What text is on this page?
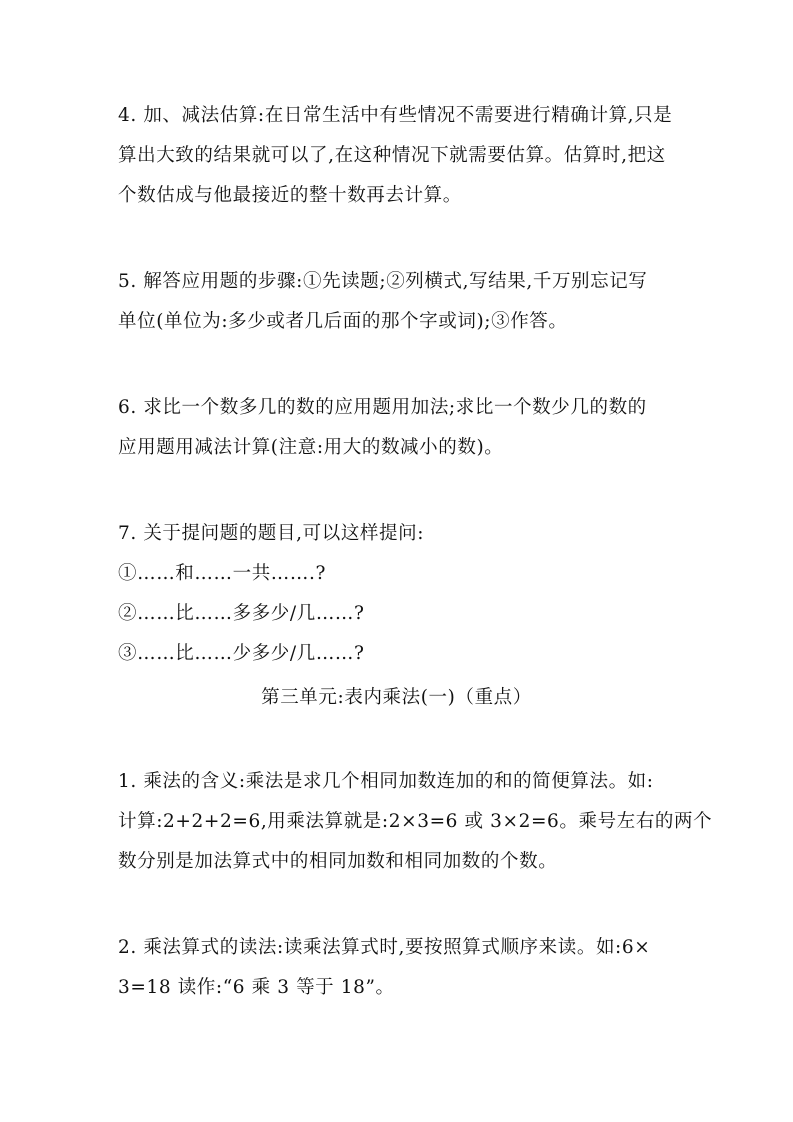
4. 加、减法估算:在日常生活中有些情况不需要进行精确计算,只是
算出大致的结果就可以了,在这种情况下就需要估算。估算时,把这
个数估成与他最接近的整十数再去计算。
5. 解答应用题的步骤:①先读题;②列横式,写结果,千万别忘记写
单位(单位为:多少或者几后面的那个字或词);③作答。
6. 求比一个数多几的数的应用题用加法;求比一个数少几的数的
应用题用减法计算(注意:用大的数减小的数)。
7. 关于提问题的题目,可以这样提问:
①……和……一共…….?
②……比……多多少/几……?
③……比……少多少/几……?
第三单元:表内乘法(一)（重点）
1. 乘法的含义:乘法是求几个相同加数连加的和的简便算法。如:
计算:2+2+2=6,用乘法算就是:2×3=6 或 3×2=6。乘号左右的两个
数分别是加法算式中的相同加数和相同加数的个数。
2. 乘法算式的读法:读乘法算式时,要按照算式顺序来读。如:6×
3=18 读作:“6 乘 3 等于 18”。
